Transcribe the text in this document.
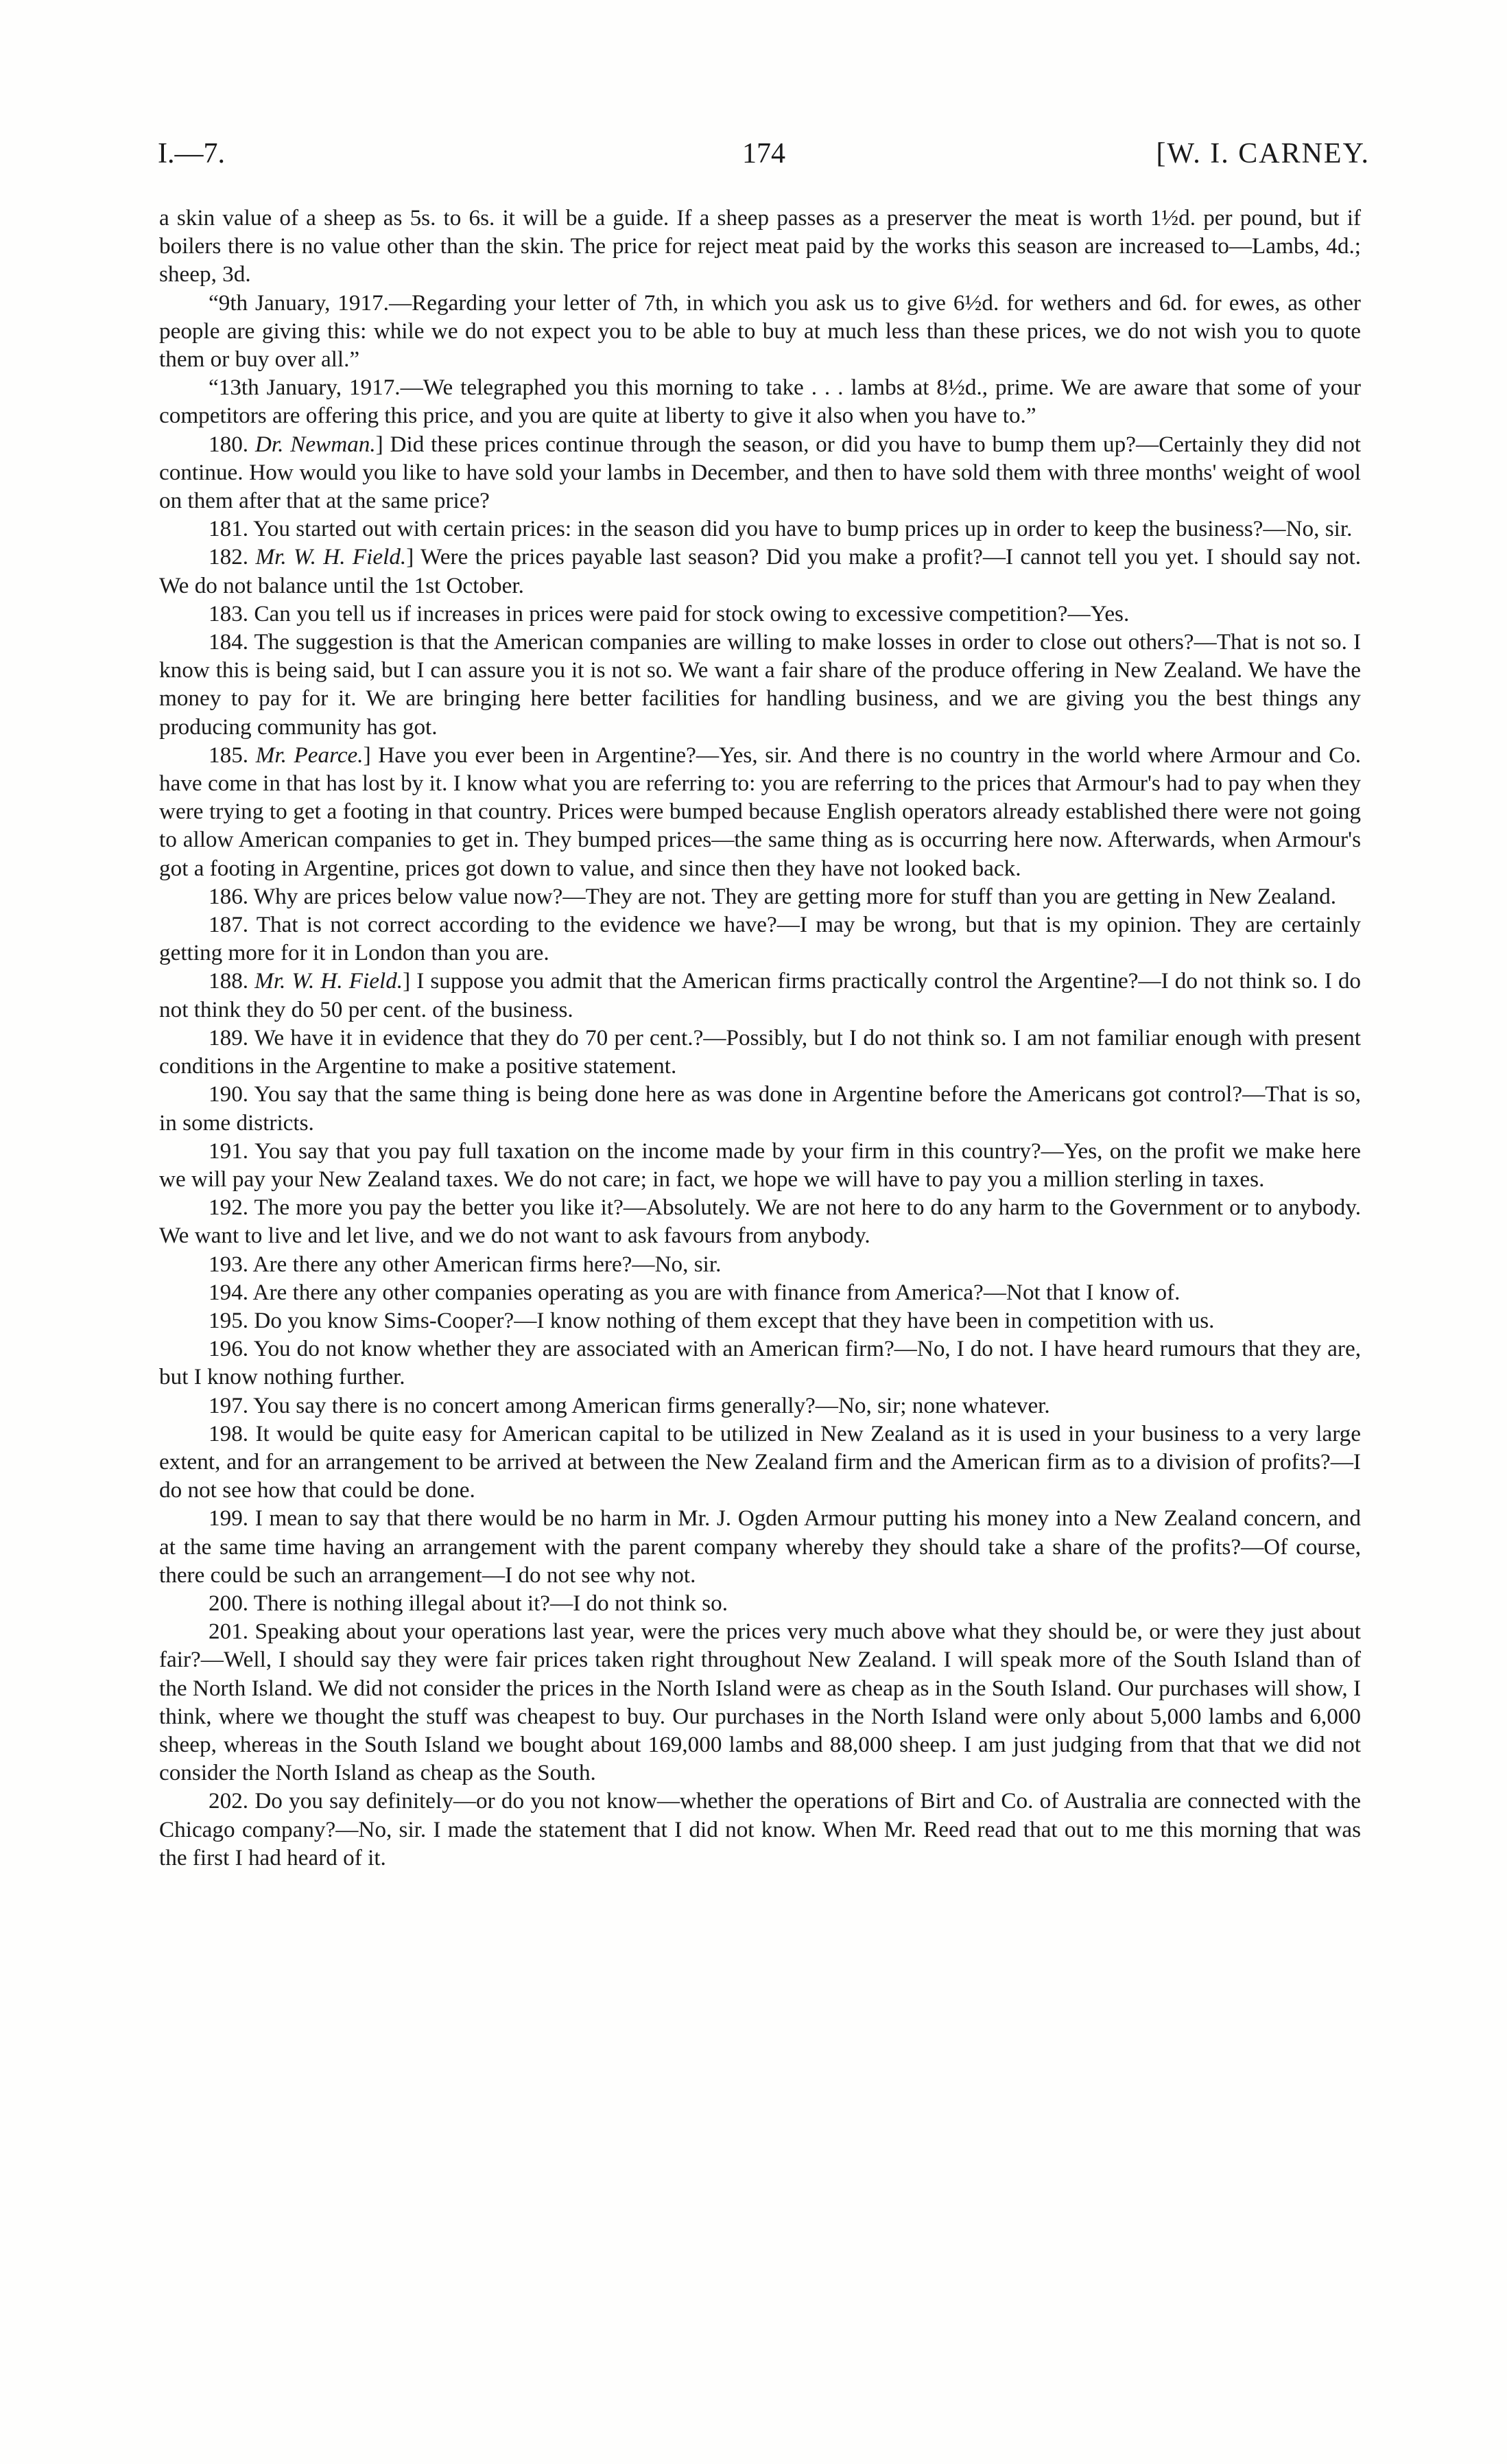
I.—7.	174	[W. I. CARNEY.

a skin value of a sheep as 5s. to 6s. it will be a guide. If a sheep passes as a preserver the meat is worth 1½d. per pound, but if boilers there is no value other than the skin. The price for reject meat paid by the works this season are increased to—Lambs, 4d.; sheep, 3d.

“9th January, 1917.—Regarding your letter of 7th, in which you ask us to give 6½d. for wethers and 6d. for ewes, as other people are giving this: while we do not expect you to be able to buy at much less than these prices, we do not wish you to quote them or buy over all.”

“13th January, 1917.—We telegraphed you this morning to take . . . lambs at 8½d., prime. We are aware that some of your competitors are offering this price, and you are quite at liberty to give it also when you have to.”

180. Dr. Newman.] Did these prices continue through the season, or did you have to bump them up?—Certainly they did not continue. How would you like to have sold your lambs in December, and then to have sold them with three months' weight of wool on them after that at the same price?

181. You started out with certain prices: in the season did you have to bump prices up in order to keep the business?—No, sir.

182. Mr. W. H. Field.] Were the prices payable last season? Did you make a profit?—I cannot tell you yet. I should say not. We do not balance until the 1st October.

183. Can you tell us if increases in prices were paid for stock owing to excessive competition?—Yes.

184. The suggestion is that the American companies are willing to make losses in order to close out others?—That is not so. I know this is being said, but I can assure you it is not so. We want a fair share of the produce offering in New Zealand. We have the money to pay for it. We are bringing here better facilities for handling business, and we are giving you the best things any producing community has got.

185. Mr. Pearce.] Have you ever been in Argentine?—Yes, sir. And there is no country in the world where Armour and Co. have come in that has lost by it. I know what you are referring to: you are referring to the prices that Armour's had to pay when they were trying to get a footing in that country. Prices were bumped because English operators already established there were not going to allow American companies to get in. They bumped prices—the same thing as is occurring here now. Afterwards, when Armour's got a footing in Argentine, prices got down to value, and since then they have not looked back.

186. Why are prices below value now?—They are not. They are getting more for stuff than you are getting in New Zealand.

187. That is not correct according to the evidence we have?—I may be wrong, but that is my opinion. They are certainly getting more for it in London than you are.

188. Mr. W. H. Field.] I suppose you admit that the American firms practically control the Argentine?—I do not think so. I do not think they do 50 per cent. of the business.

189. We have it in evidence that they do 70 per cent.?—Possibly, but I do not think so. I am not familiar enough with present conditions in the Argentine to make a positive statement.

190. You say that the same thing is being done here as was done in Argentine before the Americans got control?—That is so, in some districts.

191. You say that you pay full taxation on the income made by your firm in this country?—Yes, on the profit we make here we will pay your New Zealand taxes. We do not care; in fact, we hope we will have to pay you a million sterling in taxes.

192. The more you pay the better you like it?—Absolutely. We are not here to do any harm to the Government or to anybody. We want to live and let live, and we do not want to ask favours from anybody.

193. Are there any other American firms here?—No, sir.

194. Are there any other companies operating as you are with finance from America?—Not that I know of.

195. Do you know Sims-Cooper?—I know nothing of them except that they have been in competition with us.

196. You do not know whether they are associated with an American firm?—No, I do not. I have heard rumours that they are, but I know nothing further.

197. You say there is no concert among American firms generally?—No, sir; none whatever.

198. It would be quite easy for American capital to be utilized in New Zealand as it is used in your business to a very large extent, and for an arrangement to be arrived at between the New Zealand firm and the American firm as to a division of profits?—I do not see how that could be done.

199. I mean to say that there would be no harm in Mr. J. Ogden Armour putting his money into a New Zealand concern, and at the same time having an arrangement with the parent company whereby they should take a share of the profits?—Of course, there could be such an arrangement—I do not see why not.

200. There is nothing illegal about it?—I do not think so.

201. Speaking about your operations last year, were the prices very much above what they should be, or were they just about fair?—Well, I should say they were fair prices taken right throughout New Zealand. I will speak more of the South Island than of the North Island. We did not consider the prices in the North Island were as cheap as in the South Island. Our purchases will show, I think, where we thought the stuff was cheapest to buy. Our purchases in the North Island were only about 5,000 lambs and 6,000 sheep, whereas in the South Island we bought about 169,000 lambs and 88,000 sheep. I am just judging from that that we did not consider the North Island as cheap as the South.

202. Do you say definitely—or do you not know—whether the operations of Birt and Co. of Australia are connected with the Chicago company?—No, sir. I made the statement that I did not know. When Mr. Reed read that out to me this morning that was the first I had heard of it.
